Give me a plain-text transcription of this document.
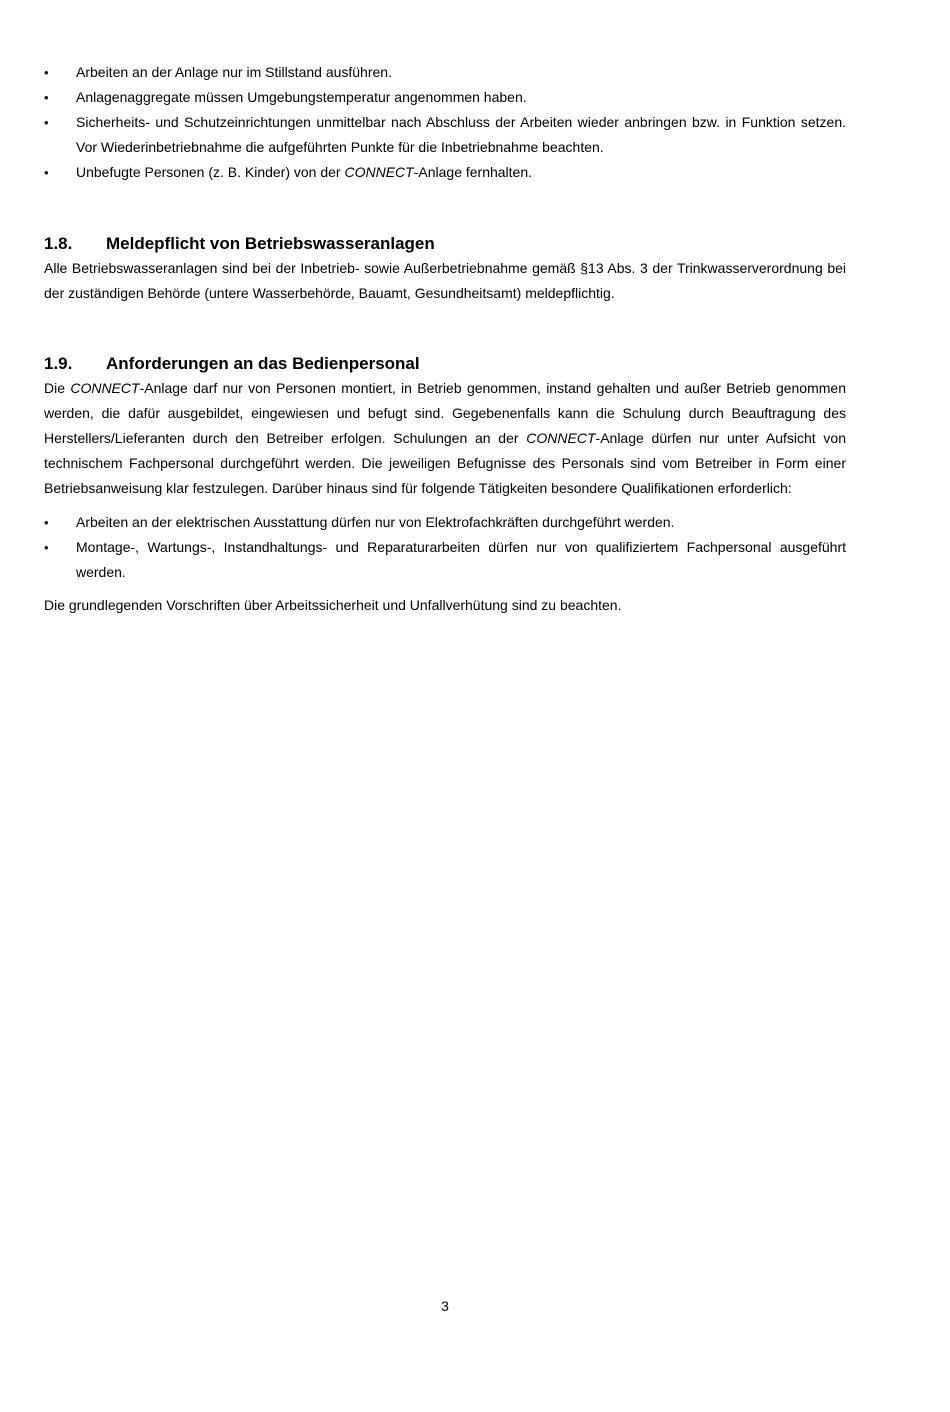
• Arbeiten an der Anlage nur im Stillstand ausführen.
• Anlagenaggregate müssen Umgebungstemperatur angenommen haben.
• Sicherheits- und Schutzeinrichtungen unmittelbar nach Abschluss der Arbeiten wieder anbringen bzw. in Funktion setzen. Vor Wiederinbetriebnahme die aufgeführten Punkte für die Inbetriebnahme beachten.
• Unbefugte Personen (z. B. Kinder) von der CONNECT-Anlage fernhalten.
1.8.	Meldepflicht von Betriebswasseranlagen

Alle Betriebswasseranlagen sind bei der Inbetrieb- sowie Außerbetriebnahme gemäß §13 Abs. 3 der Trinkwasserverordnung bei der zuständigen Behörde (untere Wasserbehörde, Bauamt, Gesundheitsamt) meldepflichtig.

1.9.	Anforderungen an das Bedienpersonal

Die CONNECT-Anlage darf nur von Personen montiert, in Betrieb genommen, instand gehalten und außer Betrieb genommen werden, die dafür ausgebildet, eingewiesen und befugt sind. Gegebenenfalls kann die Schulung durch Beauftragung des Herstellers/Lieferanten durch den Betreiber erfolgen. Schulungen an der CONNECT-Anlage dürfen nur unter Aufsicht von technischem Fachpersonal durchgeführt werden. Die jeweiligen Befugnisse des Personals sind vom Betreiber in Form einer Betriebsanweisung klar festzulegen. Darüber hinaus sind für folgende Tätigkeiten besondere Qualifikationen erforderlich:

• Arbeiten an der elektrischen Ausstattung dürfen nur von Elektrofachkräften durchgeführt werden.
• Montage-, Wartungs-, Instandhaltungs- und Reparaturarbeiten dürfen nur von qualifiziertem Fachpersonal ausgeführt werden.

Die grundlegenden Vorschriften über Arbeitssicherheit und Unfallverhütung sind zu beachten.

3
